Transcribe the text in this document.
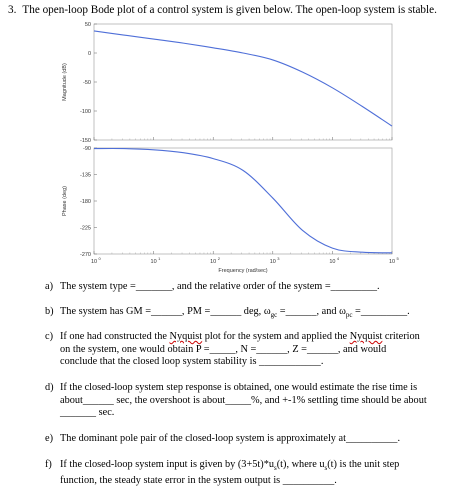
3. The open-loop Bode plot of a control system is given below. The open-loop system is stable.
50
0
-50
-100
-150
Magnitude (dB)
-90
-135
-180
-225
-270
Phase (deg)
10
0
10
1
10
2
10
3
10
4
10
5
Frequency (rad/sec)
a) The system type =_______, and the relative order of the system =_________.
b) The system has GM =______, PM =______ deg, $\omega_{gc}$ =______, and $\omega_{pc}$ =_________.
c) If one had constructed the Nyquist plot for the system and applied the Nyquist criterion
on the system, one would obtain P =_____, N =______, Z =______, and would
conclude that the closed loop system stability is ____________.
d) If the closed-loop system step response is obtained, one would estimate the rise time is
about______ sec, the overshoot is about_____%, and +-1% settling time should be about
_______ sec.
e) The dominant pole pair of the closed-loop system is approximately at__________.
f) If the closed-loop system input is given by $(3+5t)*u_s(t)$, where $u_s(t)$ is the unit step
function, the steady state error in the system output is __________.
